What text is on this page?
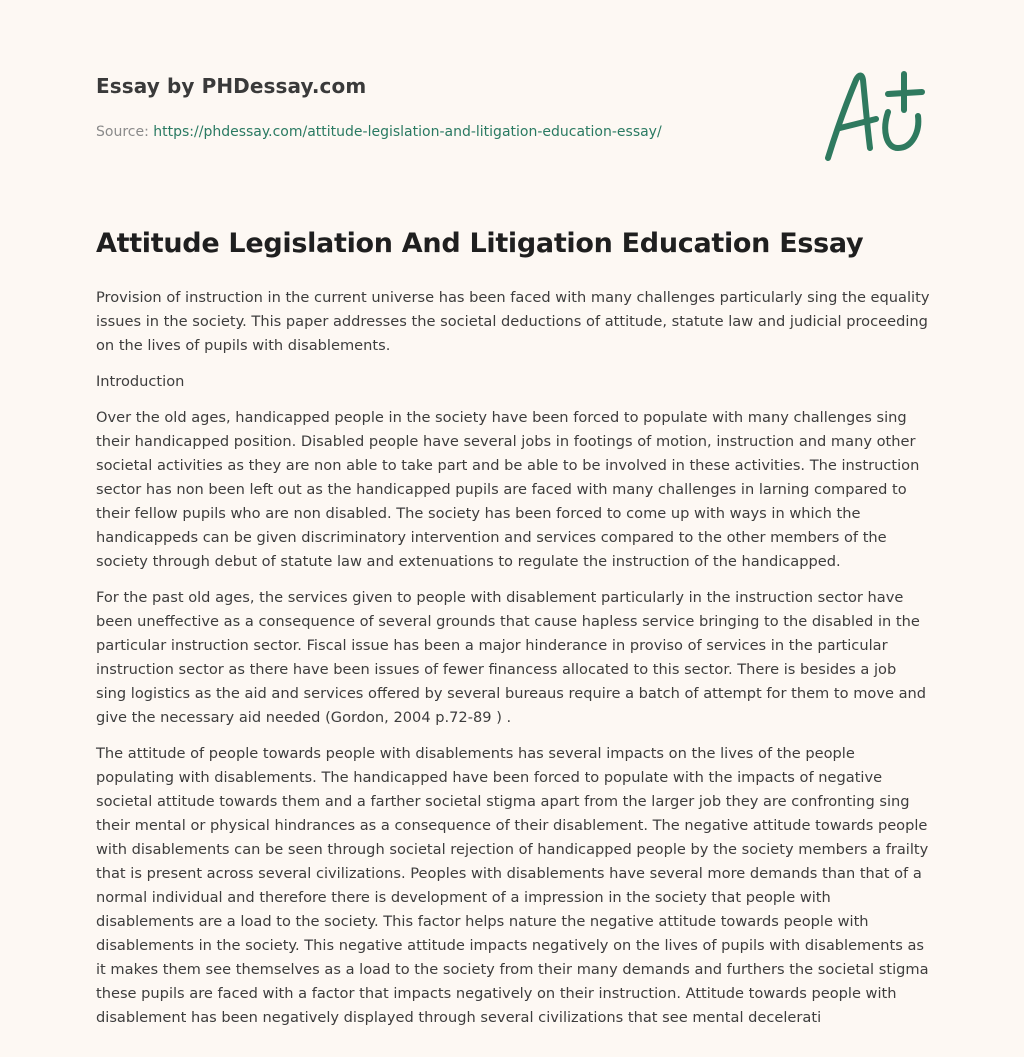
Essay by PHDessay.com
Source: https://phdessay.com/attitude-legislation-and-litigation-education-essay/
Attitude Legislation And Litigation Education Essay

Provision of instruction in the current universe has been faced with many challenges particularly sing the equality issues in the society. This paper addresses the societal deductions of attitude, statute law and judicial proceeding on the lives of pupils with disablements.

Introduction

Over the old ages, handicapped people in the society have been forced to populate with many challenges sing their handicapped position. Disabled people have several jobs in footings of motion, instruction and many other societal activities as they are non able to take part and be able to be involved in these activities. The instruction sector has non been left out as the handicapped pupils are faced with many challenges in larning compared to their fellow pupils who are non disabled. The society has been forced to come up with ways in which the handicappeds can be given discriminatory intervention and services compared to the other members of the society through debut of statute law and extenuations to regulate the instruction of the handicapped.

For the past old ages, the services given to people with disablement particularly in the instruction sector have been uneffective as a consequence of several grounds that cause hapless service bringing to the disabled in the particular instruction sector. Fiscal issue has been a major hinderance in proviso of services in the particular instruction sector as there have been issues of fewer financess allocated to this sector. There is besides a job sing logistics as the aid and services offered by several bureaus require a batch of attempt for them to move and give the necessary aid needed (Gordon, 2004 p.72-89 ) .

The attitude of people towards people with disablements has several impacts on the lives of the people populating with disablements. The handicapped have been forced to populate with the impacts of negative societal attitude towards them and a farther societal stigma apart from the larger job they are confronting sing their mental or physical hindrances as a consequence of their disablement. The negative attitude towards people with disablements can be seen through societal rejection of handicapped people by the society members a frailty that is present across several civilizations. Peoples with disablements have several more demands than that of a normal individual and therefore there is development of a impression in the society that people with disablements are a load to the society. This factor helps nature the negative attitude towards people with disablements in the society. This negative attitude impacts negatively on the lives of pupils with disablements as it makes them see themselves as a load to the society from their many demands and furthers the societal stigma these pupils are faced with a factor that impacts negatively on their instruction. Attitude towards people with disablement has been negatively displayed through several civilizations that see mental decelerati
